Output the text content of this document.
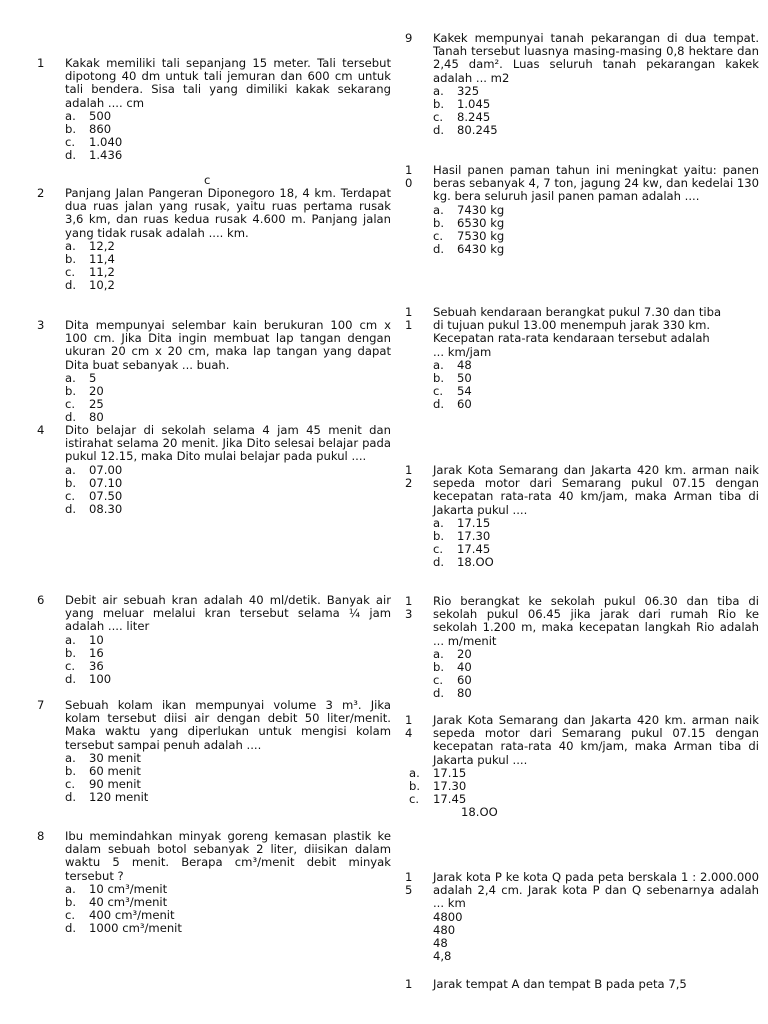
1	Kakak memiliki tali sepanjang 15 meter. Tali tersebut dipotong 40 dm untuk tali jemuran dan 600 cm untuk tali bendera. Sisa tali yang dimiliki kakak sekarang adalah .... cm
a.	500
b.	860
c.	1.040
d.	1.436
c
2	Panjang Jalan Pangeran Diponegoro 18, 4 km. Terdapat dua ruas jalan yang rusak, yaitu ruas pertama rusak 3,6 km, dan ruas kedua rusak 4.600 m. Panjang jalan yang tidak rusak adalah .... km.
a.	12,2
b.	11,4
c.	11,2
d.	10,2
3	Dita mempunyai selembar kain berukuran 100 cm x 100 cm. Jika Dita ingin membuat lap tangan dengan ukuran 20 cm x 20 cm, maka lap tangan yang dapat Dita buat sebanyak ... buah.
a.	5
b.	20
c.	25
d.	80
4	Dito belajar di sekolah selama 4 jam 45 menit dan istirahat selama 20 menit. Jika Dito selesai belajar pada pukul 12.15, maka Dito mulai belajar pada pukul ....
a.	07.00
b.	07.10
c.	07.50
d.	08.30
6	Debit air sebuah kran adalah 40 ml/detik. Banyak air yang meluar melalui kran tersebut selama ¼ jam adalah .... liter
a.	10
b.	16
c.	36
d.	100
7	Sebuah kolam ikan mempunyai volume 3 m³. Jika kolam tersebut diisi air dengan debit 50 liter/menit. Maka waktu yang diperlukan untuk mengisi kolam tersebut sampai penuh adalah ....
a.	30 menit
b.	60 menit
c.	90 menit
d.	120 menit
8	Ibu memindahkan minyak goreng kemasan plastik ke dalam sebuah botol sebanyak 2 liter, diisikan dalam waktu 5 menit. Berapa cm³/menit debit minyak tersebut ?
a.	10 cm³/menit
b.	40 cm³/menit
c.	400 cm³/menit
d.	1000 cm³/menit
9	Kakek mempunyai tanah pekarangan di dua tempat. Tanah tersebut luasnya masing-masing 0,8 hektare dan 2,45 dam². Luas seluruh tanah pekarangan kakek adalah ... m2
a.	325
b.	1.045
c.	8.245
d.	80.245
1
0
Hasil panen paman tahun ini meningkat yaitu: panen beras sebanyak 4, 7 ton, jagung 24 kw, dan kedelai 130 kg. bera seluruh jasil panen paman adalah ....
a.	7430 kg
b.	6530 kg
c.	7530 kg
d.	6430 kg
1
1
Sebuah kendaraan berangkat pukul 7.30 dan tiba
di tujuan pukul 13.00 menempuh jarak 330 km.
Kecepatan rata-rata kendaraan tersebut adalah
... km/jam
a.	48
b.	50
c.	54
d.	60
1
2
Jarak Kota Semarang dan Jakarta 420 km. arman naik sepeda motor dari Semarang pukul 07.15 dengan kecepatan rata-rata 40 km/jam, maka Arman tiba di Jakarta pukul ....
a.	17.15
b.	17.30
c.	17.45
d.	18.OO
1
3
Rio berangkat ke sekolah pukul 06.30 dan tiba di sekolah pukul 06.45 jika jarak dari rumah Rio ke sekolah 1.200 m, maka kecepatan langkah Rio adalah ... m/menit
a.	20
b.	40
c.	60
d.	80
1
4
Jarak Kota Semarang dan Jakarta 420 km. arman naik sepeda motor dari Semarang pukul 07.15 dengan kecepatan rata-rata 40 km/jam, maka Arman tiba di Jakarta pukul ....
a.	17.15
b.	17.30
c.	17.45
18.OO
1
5
Jarak kota P ke kota Q pada peta berskala 1 : 2.000.000 adalah 2,4 cm. Jarak kota P dan Q sebenarnya adalah ... km
4800
480
48
4,8
1	Jarak tempat A dan tempat B pada peta 7,5
